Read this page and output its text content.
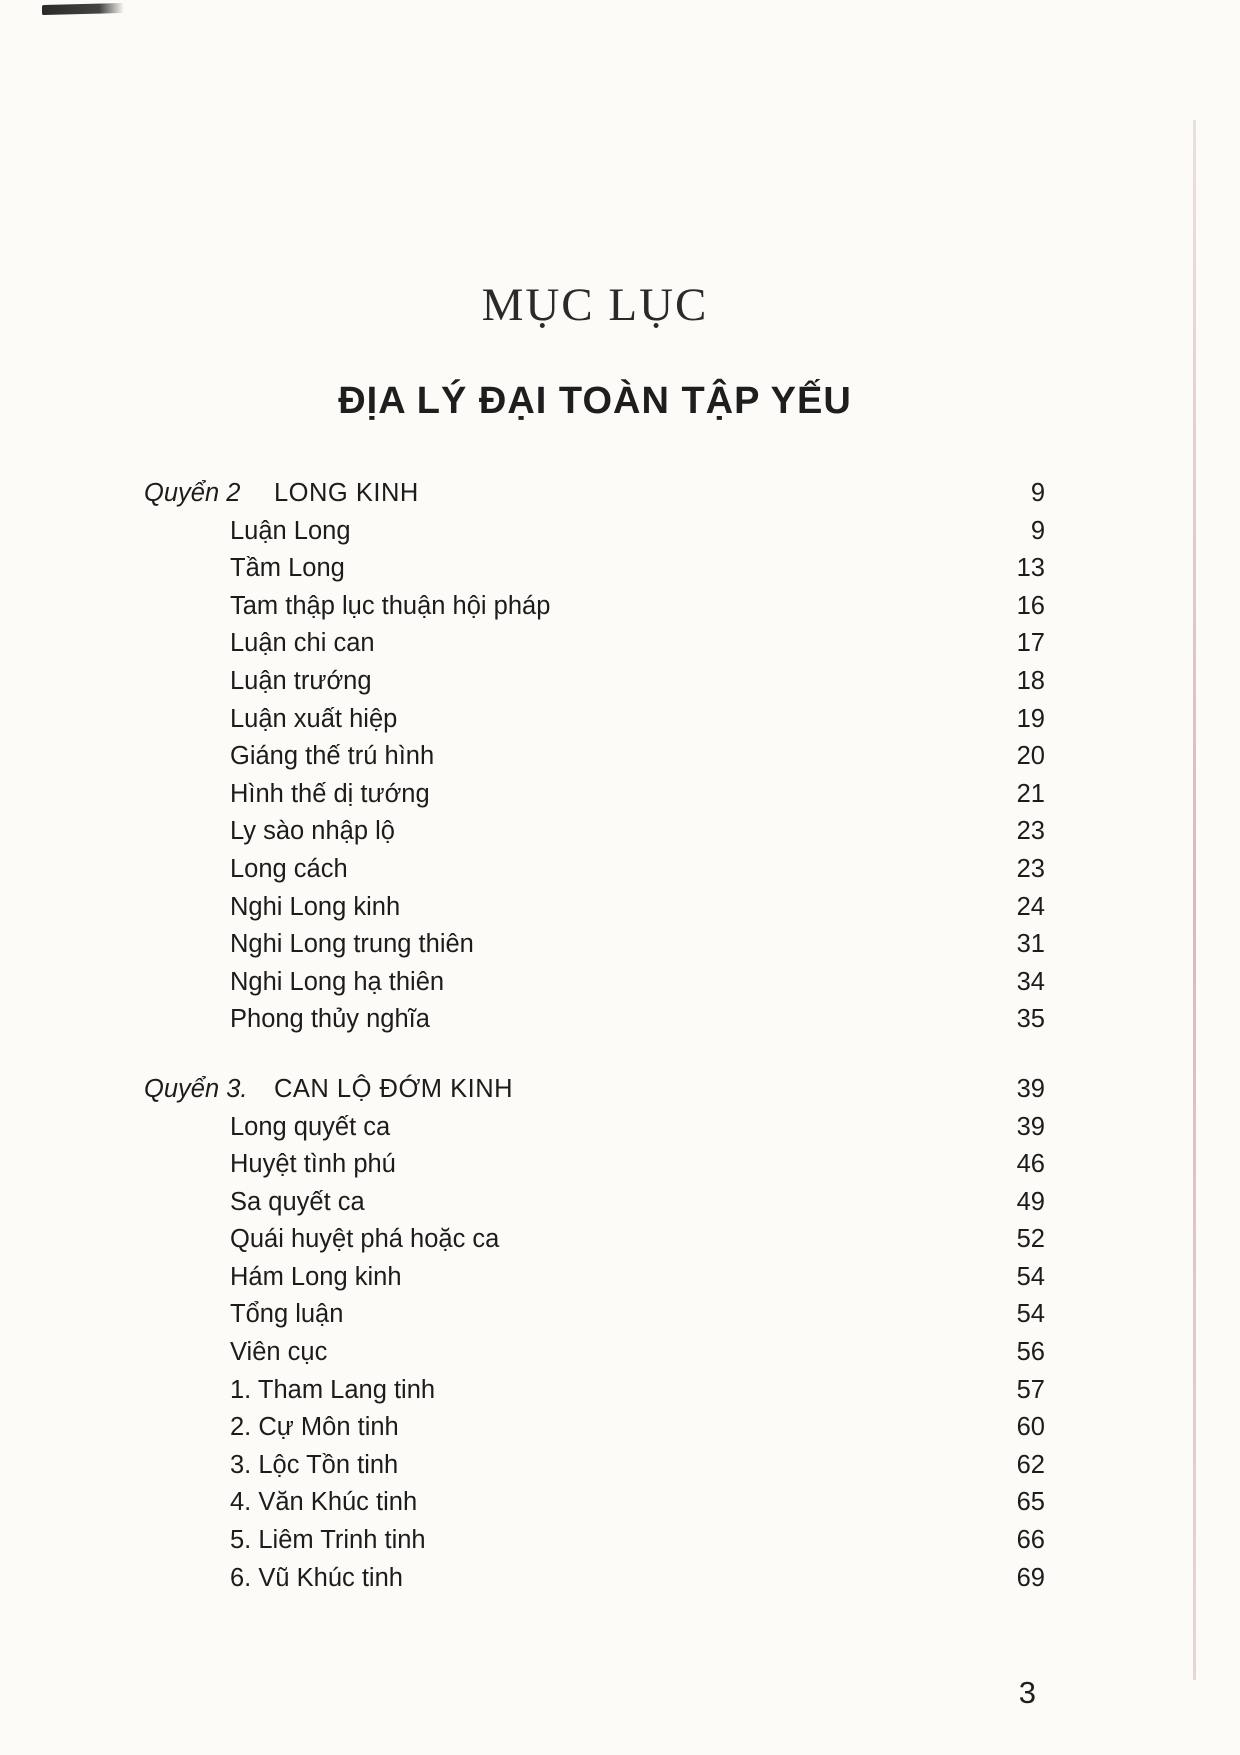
MỤC LỤC
ĐỊA LÝ ĐẠI TOÀN TẬP YẾU
Quyển 2 LONG KINH	9
Luận Long	9
Tầm Long	13
Tam thập lục thuận hội pháp	16
Luận chi can	17
Luận trướng	18
Luận xuất hiệp	19
Giáng thế trú hình	20
Hình thế dị tướng	21
Ly sào nhập lộ	23
Long cách	23
Nghi Long kinh	24
Nghi Long trung thiên	31
Nghi Long hạ thiên	34
Phong thủy nghĩa	35
Quyển 3. CAN LỘ ĐỚM KINH	39
Long quyết ca	39
Huyệt tình phú	46
Sa quyết ca	49
Quái huyệt phá hoặc ca	52
Hám Long kinh	54
Tổng luận	54
Viên cục	56
1. Tham Lang tinh	57
2. Cự Môn tinh	60
3. Lộc Tồn tinh	62
4. Văn Khúc tinh	65
5. Liêm Trinh tinh	66
6. Vũ Khúc tinh	69
3
